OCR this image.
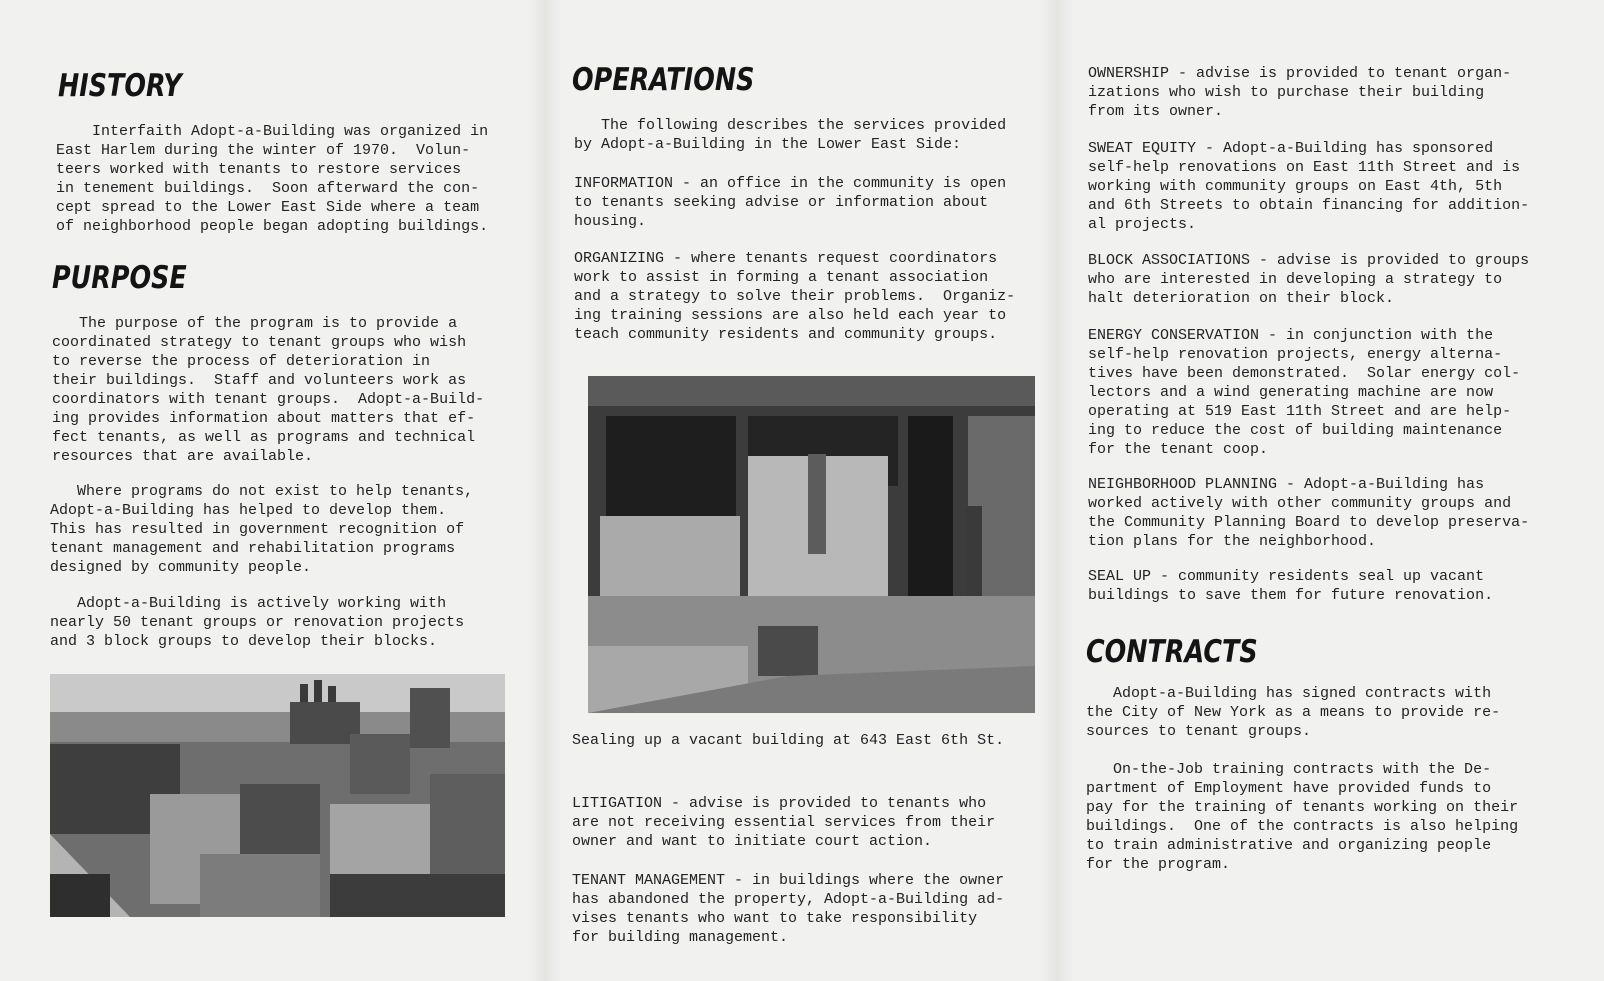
HISTORY
Interfaith Adopt-a-Building was organized in
East Harlem during the winter of 1970.  Volun-
teers worked with tenants to restore services
in tenement buildings.  Soon afterward the con-
cept spread to the Lower East Side where a team
of neighborhood people began adopting buildings.
PURPOSE
The purpose of the program is to provide a
coordinated strategy to tenant groups who wish
to reverse the process of deterioration in
their buildings.  Staff and volunteers work as
coordinators with tenant groups.  Adopt-a-Build-
ing provides information about matters that ef-
fect tenants, as well as programs and technical
resources that are available.
Where programs do not exist to help tenants,
Adopt-a-Building has helped to develop them.
This has resulted in government recognition of
tenant management and rehabilitation programs
designed by community people.
Adopt-a-Building is actively working with
nearly 50 tenant groups or renovation projects
and 3 block groups to develop their blocks.
OPERATIONS
The following describes the services provided
by Adopt-a-Building in the Lower East Side:
INFORMATION - an office in the community is open
to tenants seeking advise or information about
housing.
ORGANIZING - where tenants request coordinators
work to assist in forming a tenant association
and a strategy to solve their problems.  Organiz-
ing training sessions are also held each year to
teach community residents and community groups.
Sealing up a vacant building at 643 East 6th St.
LITIGATION - advise is provided to tenants who
are not receiving essential services from their
owner and want to initiate court action.
TENANT MANAGEMENT - in buildings where the owner
has abandoned the property, Adopt-a-Building ad-
vises tenants who want to take responsibility
for building management.
OWNERSHIP - advise is provided to tenant organ-
izations who wish to purchase their building
from its owner.
SWEAT EQUITY - Adopt-a-Building has sponsored
self-help renovations on East 11th Street and is
working with community groups on East 4th, 5th
and 6th Streets to obtain financing for addition-
al projects.
BLOCK ASSOCIATIONS - advise is provided to groups
who are interested in developing a strategy to
halt deterioration on their block.
ENERGY CONSERVATION - in conjunction with the
self-help renovation projects, energy alterna-
tives have been demonstrated.  Solar energy col-
lectors and a wind generating machine are now
operating at 519 East 11th Street and are help-
ing to reduce the cost of building maintenance
for the tenant coop.
NEIGHBORHOOD PLANNING - Adopt-a-Building has
worked actively with other community groups and
the Community Planning Board to develop preserva-
tion plans for the neighborhood.
SEAL UP - community residents seal up vacant
buildings to save them for future renovation.
CONTRACTS
Adopt-a-Building has signed contracts with
the City of New York as a means to provide re-
sources to tenant groups.
On-the-Job training contracts with the De-
partment of Employment have provided funds to
pay for the training of tenants working on their
buildings.  One of the contracts is also helping
to train administrative and organizing people
for the program.
